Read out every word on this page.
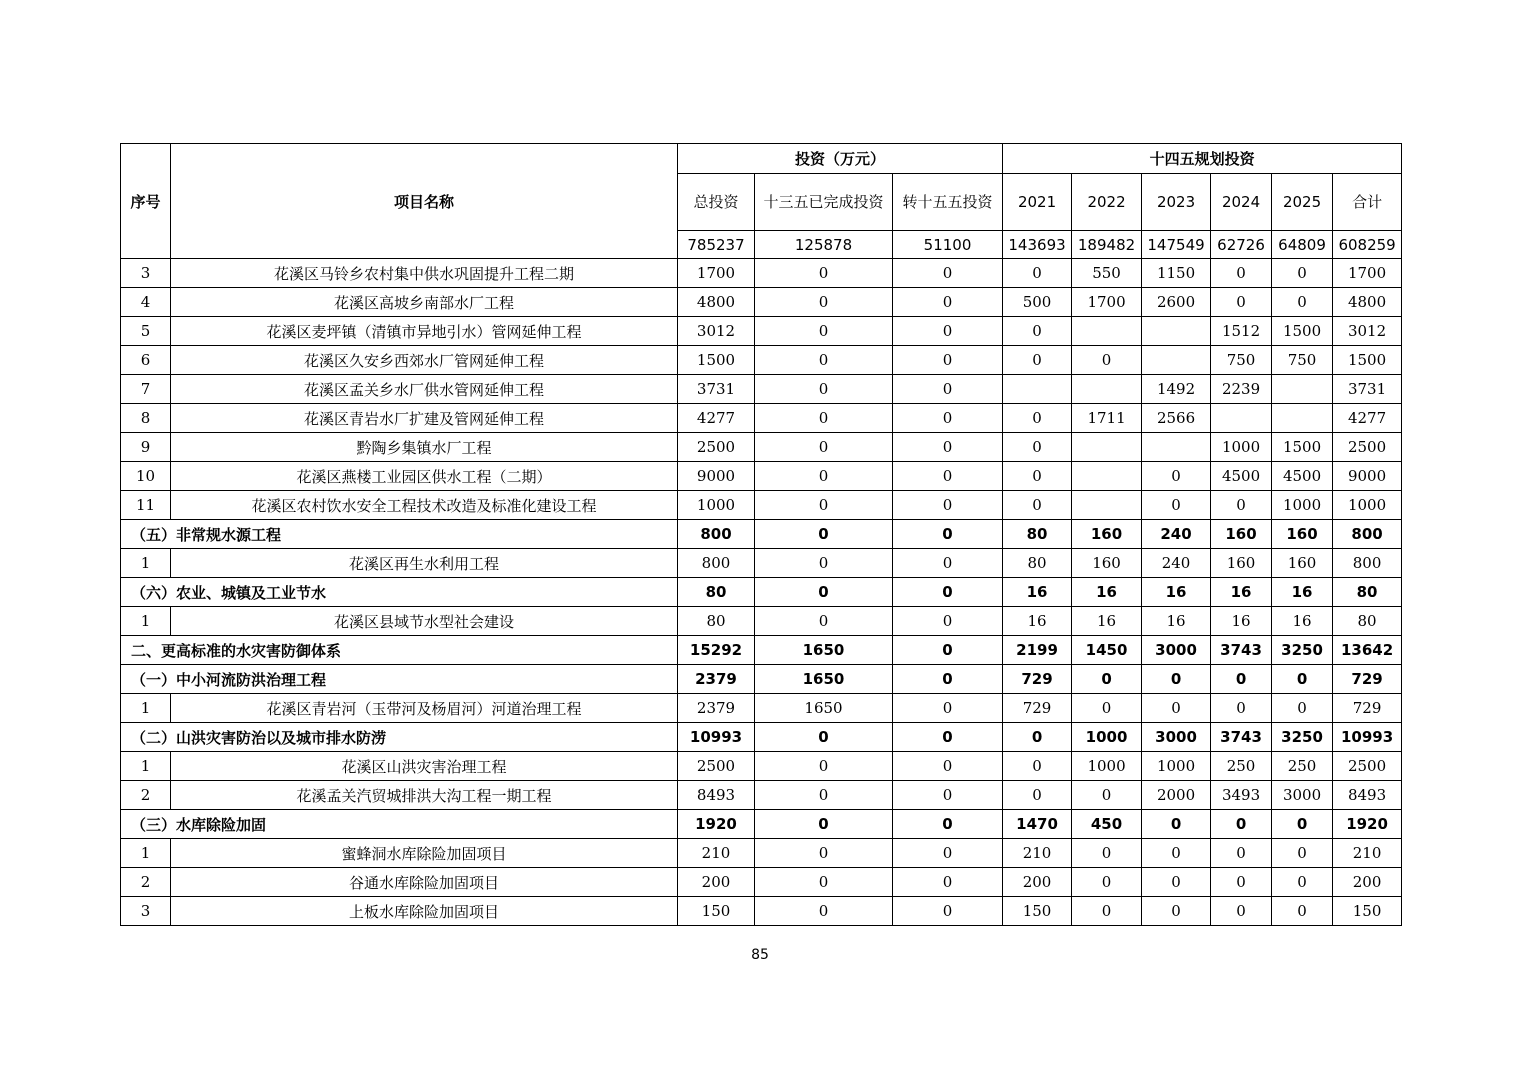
序号	项目名称	投资（万元）			十四五规划投资					
		总投资	十三五已完成投资	转十五五投资	2021	2022	2023	2024	2025	合计
		785237	125878	51100	143693	189482	147549	62726	64809	608259
3	花溪区马铃乡农村集中供水巩固提升工程二期	1700	0	0	0	550	1150	0	0	1700
4	花溪区高坡乡南部水厂工程	4800	0	0	500	1700	2600	0	0	4800
5	花溪区麦坪镇（清镇市异地引水）管网延伸工程	3012	0	0	0			1512	1500	3012
6	花溪区久安乡西郊水厂管网延伸工程	1500	0	0	0	0		750	750	1500
7	花溪区孟关乡水厂供水管网延伸工程	3731	0	0			1492	2239		3731
8	花溪区青岩水厂扩建及管网延伸工程	4277	0	0	0	1711	2566			4277
9	黔陶乡集镇水厂工程	2500	0	0	0			1000	1500	2500
10	花溪区燕楼工业园区供水工程（二期）	9000	0	0	0		0	4500	4500	9000
11	花溪区农村饮水安全工程技术改造及标准化建设工程	1000	0	0	0		0	0	1000	1000
（五）非常规水源工程		800	0	0	80	160	240	160	160	800
1	花溪区再生水利用工程	800	0	0	80	160	240	160	160	800
（六）农业、城镇及工业节水		80	0	0	16	16	16	16	16	80
1	花溪区县域节水型社会建设	80	0	0	16	16	16	16	16	80
二、更高标准的水灾害防御体系		15292	1650	0	2199	1450	3000	3743	3250	13642
（一）中小河流防洪治理工程		2379	1650	0	729	0	0	0	0	729
1	花溪区青岩河（玉带河及杨眉河）河道治理工程	2379	1650	0	729	0	0	0	0	729
（二）山洪灾害防治以及城市排水防涝		10993	0	0	0	1000	3000	3743	3250	10993
1	花溪区山洪灾害治理工程	2500	0	0	0	1000	1000	250	250	2500
2	花溪孟关汽贸城排洪大沟工程一期工程	8493	0	0	0	0	2000	3493	3000	8493
（三）水库除险加固		1920	0	0	1470	450	0	0	0	1920
1	蜜蜂洞水库除险加固项目	210	0	0	210	0	0	0	0	210
2	谷通水库除险加固项目	200	0	0	200	0	0	0	0	200
3	上板水库除险加固项目	150	0	0	150	0	0	0	0	150
85
